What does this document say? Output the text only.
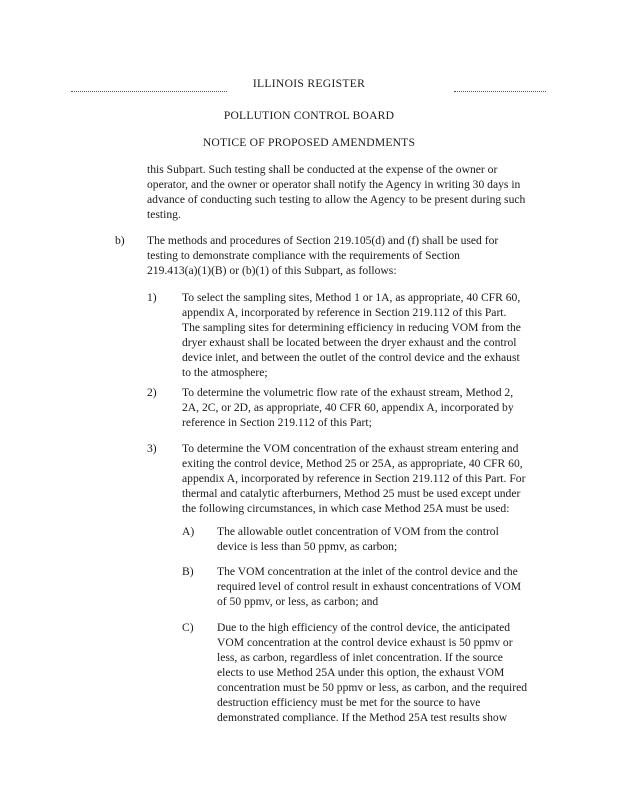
ILLINOIS REGISTER
POLLUTION CONTROL BOARD
NOTICE OF PROPOSED AMENDMENTS

this Subpart. Such testing shall be conducted at the expense of the owner or

operator, and the owner or operator shall notify the Agency in writing 30 days in

advance of conducting such testing to allow the Agency to be present during such

testing.

b) The methods and procedures of Section 219.105(d) and (f) shall be used for

testing to demonstrate compliance with the requirements of Section

219.413(a)(1)(B) or (b)(1) of this Subpart, as follows:

1) To select the sampling sites, Method 1 or 1A, as appropriate, 40 CFR 60,

appendix A, incorporated by reference in Section 219.112 of this Part.

The sampling sites for determining efficiency in reducing VOM from the

dryer exhaust shall be located between the dryer exhaust and the control

device inlet, and between the outlet of the control device and the exhaust

to the atmosphere;

2) To determine the volumetric flow rate of the exhaust stream, Method 2,

2A, 2C, or 2D, as appropriate, 40 CFR 60, appendix A, incorporated by

reference in Section 219.112 of this Part;

3) To determine the VOM concentration of the exhaust stream entering and

exiting the control device, Method 25 or 25A, as appropriate, 40 CFR 60,

appendix A, incorporated by reference in Section 219.112 of this Part. For

thermal and catalytic afterburners, Method 25 must be used except under

the following circumstances, in which case Method 25A must be used:

A) The allowable outlet concentration of VOM from the control

device is less than 50 ppmv, as carbon;

B) The VOM concentration at the inlet of the control device and the

required level of control result in exhaust concentrations of VOM

of 50 ppmv, or less, as carbon; and

C) Due to the high efficiency of the control device, the anticipated

VOM concentration at the control device exhaust is 50 ppmv or

less, as carbon, regardless of inlet concentration. If the source

elects to use Method 25A under this option, the exhaust VOM

concentration must be 50 ppmv or less, as carbon, and the required

destruction efficiency must be met for the source to have

demonstrated compliance. If the Method 25A test results show
